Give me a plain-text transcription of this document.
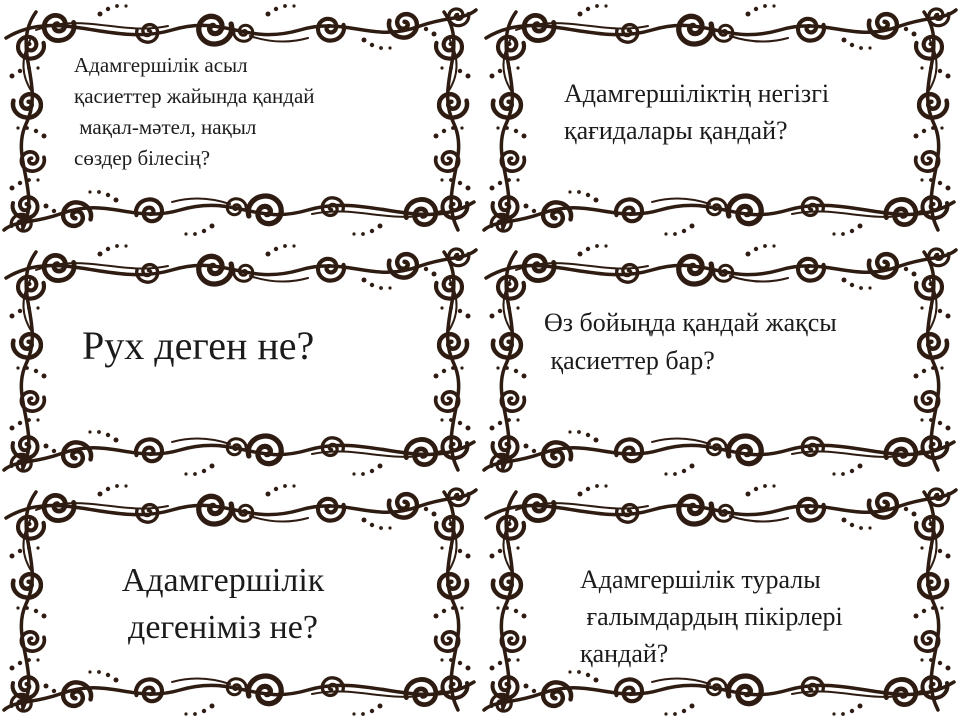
Адамгершілік асыл
қасиеттер жайында қандай
мақал-мәтел, нақыл
сөздер білесің?
Адамгершіліктің негізгі
қағидалары қандай?
Рух деген не?
Өз бойыңда қандай жақсы
қасиеттер бар?
Адамгершілік
дегеніміз не?
Адамгершілік туралы
ғалымдардың пікірлері
қандай?
